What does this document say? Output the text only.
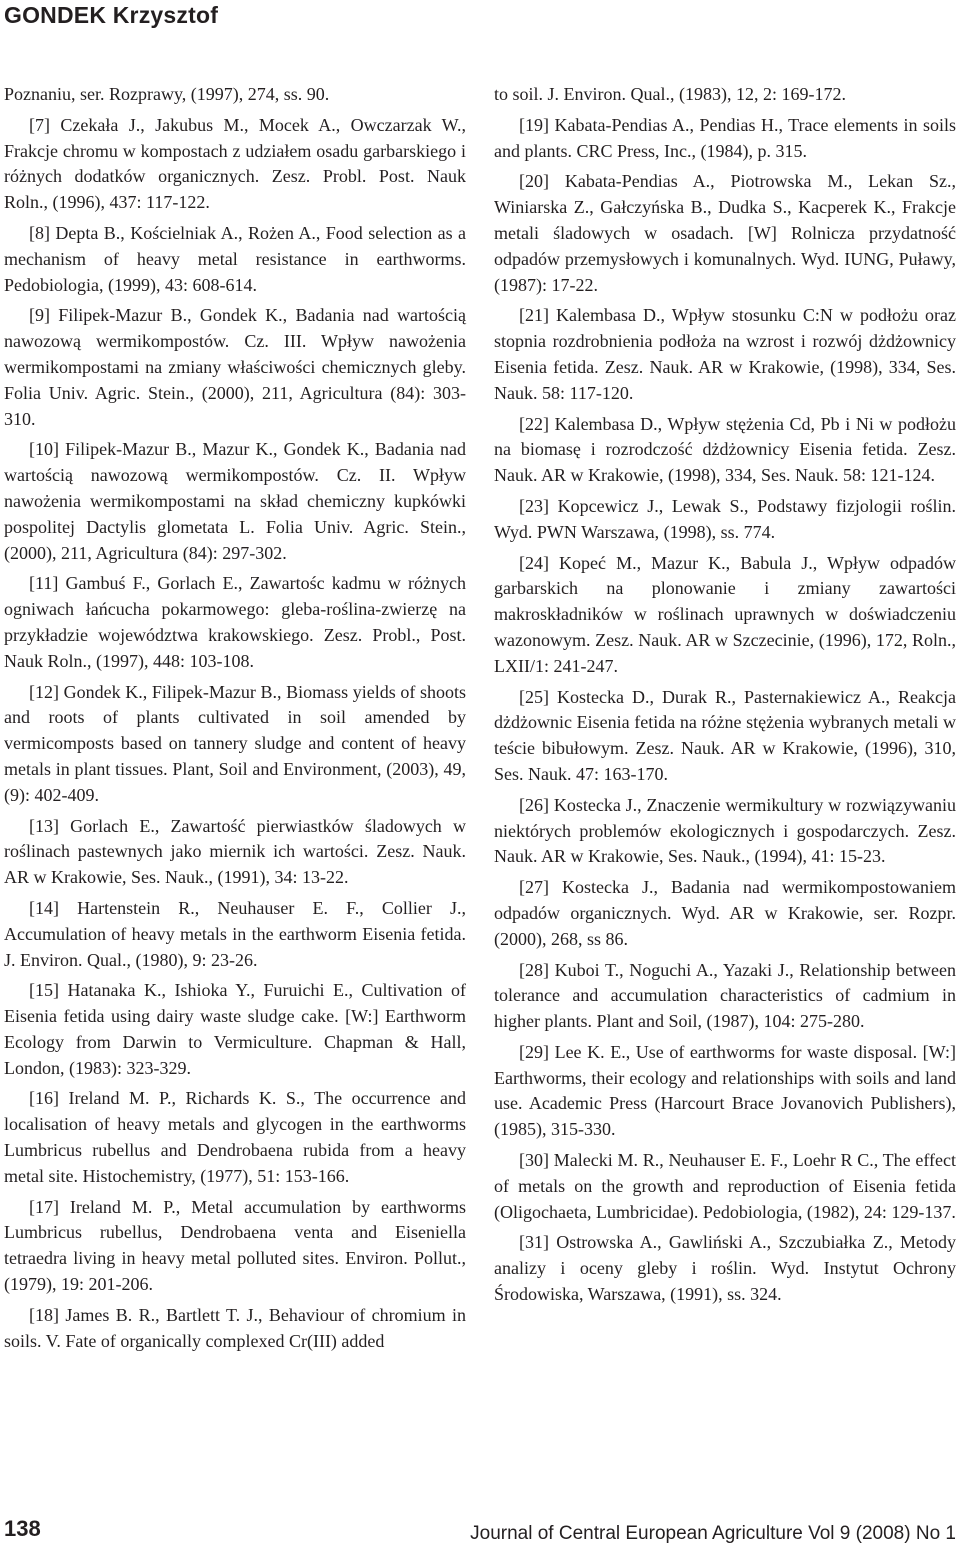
GONDEK Krzysztof

Poznaniu, ser. Rozprawy, (1997), 274, ss. 90.

[7] Czekała J., Jakubus M., Mocek A., Owczarzak W., Frakcje chromu w kompostach z udziałem osadu garbarskiego i różnych dodatków organicznych. Zesz. Probl. Post. Nauk Roln., (1996), 437: 117-122.

[8] Depta B., Kościelniak A., Rożen A., Food selection as a mechanism of heavy metal resistance in earthworms. Pedobiologia, (1999), 43: 608-614.

[9] Filipek-Mazur B., Gondek K., Badania nad wartością nawozową wermikompostów. Cz. III. Wpływ nawożenia wermikompostami na zmiany właściwości chemicznych gleby. Folia Univ. Agric. Stein., (2000), 211, Agricultura (84): 303-310.

[10] Filipek-Mazur B., Mazur K., Gondek K., Badania nad wartością nawozową wermikompostów. Cz. II. Wpływ nawożenia wermikompostami na skład chemiczny kupkówki pospolitej Dactylis glometata L. Folia Univ. Agric. Stein., (2000), 211, Agricultura (84): 297-302.

[11] Gambuś F., Gorlach E., Zawartośc kadmu w różnych ogniwach łańcucha pokarmowego: gleba-roślina-zwierzę na przykładzie województwa krakowskiego. Zesz. Probl., Post. Nauk Roln., (1997), 448: 103-108.

[12] Gondek K., Filipek-Mazur B., Biomass yields of shoots and roots of plants cultivated in soil amended by vermicomposts based on tannery sludge and content of heavy metals in plant tissues. Plant, Soil and Environment, (2003), 49, (9): 402-409.

[13] Gorlach E., Zawartość pierwiastków śladowych w roślinach pastewnych jako miernik ich wartości. Zesz. Nauk. AR w Krakowie, Ses. Nauk., (1991), 34: 13-22.

[14] Hartenstein R., Neuhauser E. F., Collier J., Accumulation of heavy metals in the earthworm Eisenia fetida. J. Environ. Qual., (1980), 9: 23-26.

[15] Hatanaka K., Ishioka Y., Furuichi E., Cultivation of Eisenia fetida using dairy waste sludge cake. [W:] Earthworm Ecology from Darwin to Vermiculture. Chapman & Hall, London, (1983): 323-329.

[16] Ireland M. P., Richards K. S., The occurrence and localisation of heavy metals and glycogen in the earthworms Lumbricus rubellus and Dendrobaena rubida from a heavy metal site. Histochemistry, (1977), 51: 153-166.

[17] Ireland M. P., Metal accumulation by earthworms Lumbricus rubellus, Dendrobaena venta and Eiseniella tetraedra living in heavy metal polluted sites. Environ. Pollut., (1979), 19: 201-206.

[18] James B. R., Bartlett T. J., Behaviour of chromium in soils. V. Fate of organically complexed Cr(III) added

to soil. J. Environ. Qual., (1983), 12, 2: 169-172.

[19] Kabata-Pendias A., Pendias H., Trace elements in soils and plants. CRC Press, Inc., (1984), p. 315.

[20] Kabata-Pendias A., Piotrowska M., Lekan Sz., Winiarska Z., Gałczyńska B., Dudka S., Kacperek K., Frakcje metali śladowych w osadach. [W] Rolnicza przydatność odpadów przemysłowych i komunalnych. Wyd. IUNG, Puławy, (1987): 17-22.

[21] Kalembasa D., Wpływ stosunku C:N w podłożu oraz stopnia rozdrobnienia podłoża na wzrost i rozwój dżdżownicy Eisenia fetida. Zesz. Nauk. AR w Krakowie, (1998), 334, Ses. Nauk. 58: 117-120.

[22] Kalembasa D., Wpływ stężenia Cd, Pb i Ni w podłożu na biomasę i rozrodczość dżdżownicy Eisenia fetida. Zesz. Nauk. AR w Krakowie, (1998), 334, Ses. Nauk. 58: 121-124.

[23] Kopcewicz J., Lewak S., Podstawy fizjologii roślin. Wyd. PWN Warszawa, (1998), ss. 774.

[24] Kopeć M., Mazur K., Babula J., Wpływ odpadów garbarskich na plonowanie i zmiany zawartości makroskładników w roślinach uprawnych w doświadczeniu wazonowym. Zesz. Nauk. AR w Szczecinie, (1996), 172, Roln., LXII/1: 241-247.

[25] Kostecka D., Durak R., Pasternakiewicz A., Reakcja dżdżownic Eisenia fetida na różne stężenia wybranych metali w teście bibułowym. Zesz. Nauk. AR w Krakowie, (1996), 310, Ses. Nauk. 47: 163-170.

[26] Kostecka J., Znaczenie wermikultury w rozwiązywaniu niektórych problemów ekologicznych i gospodarczych. Zesz. Nauk. AR w Krakowie, Ses. Nauk., (1994), 41: 15-23.

[27] Kostecka J., Badania nad wermikompostowaniem odpadów organicznych. Wyd. AR w Krakowie, ser. Rozpr. (2000), 268, ss 86.

[28] Kuboi T., Noguchi A., Yazaki J., Relationship between tolerance and accumulation characteristics of cadmium in higher plants. Plant and Soil, (1987), 104: 275-280.

[29] Lee K. E., Use of earthworms for waste disposal. [W:] Earthworms, their ecology and relationships with soils and land use. Academic Press (Harcourt Brace Jovanovich Publishers), (1985), 315-330.

[30] Malecki M. R., Neuhauser E. F., Loehr R C., The effect of metals on the growth and reproduction of Eisenia fetida (Oligochaeta, Lumbricidae). Pedobiologia, (1982), 24: 129-137.

[31] Ostrowska A., Gawliński A., Szczubiałka Z., Metody analizy i oceny gleby i roślin. Wyd. Instytut Ochrony Środowiska, Warszawa, (1991), ss. 324.

138	Journal of Central European Agriculture Vol 9 (2008) No 1
